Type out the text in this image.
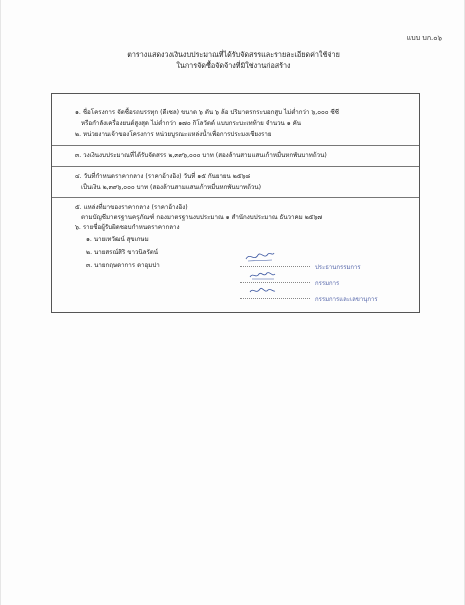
แบบ บก.๐๖
ตารางแสดงวงเงินงบประมาณที่ได้รับจัดสรรและรายละเอียดค่าใช้จ่าย
ในการจัดซื้อจัดจ้างที่มิใช่งานก่อสร้าง
๑. ชื่อโครงการ จัดซื้อรถบรรทุก (ดีเซล) ขนาด ๖ ตัน ๖ ล้อ ปริมาตรกระบอกสูบ ไม่ต่ำกว่า ๖,๐๐๐ ซีซี
หรือกำลังเครื่องยนต์สูงสุด ไม่ต่ำกว่า ๑๗๐ กิโลวัตต์ แบบกระบะเทท้าย จำนวน ๑ คัน
๒. หน่วยงานเจ้าของโครงการ หน่วยบูรณะแหล่งน้ำเพื่อการประมงเชียงราย
๓. วงเงินงบประมาณที่ได้รับจัดสรร ๒,๓๙๖,๐๐๐ บาท (สองล้านสามแสนเก้าหมื่นหกพันบาทถ้วน)
๔. วันที่กำหนดราคากลาง (ราคาอ้างอิง) วันที่ ๑๕ กันยายน ๒๕๖๘
เป็นเงิน ๒,๓๙๖,๐๐๐ บาท (สองล้านสามแสนเก้าหมื่นหกพันบาทถ้วน)
๕. แหล่งที่มาของราคากลาง (ราคาอ้างอิง)
ตามบัญชีมาตรฐานครุภัณฑ์ กองมาตรฐานงบประมาณ ๑ สำนักงบประมาณ ธันวาคม ๒๕๖๗
๖. รายชื่อผู้รับผิดชอบกำหนดราคากลาง
๑. นายเทวัฒน์ สุขเกษม
๒. นายสรณ์สิริ ขาวนิลรัตน์
๓. นายกฤษดาการ ดาอุมปา	ประธานกรรมการ
กรรมการ
กรรมการและเลขานุการ
